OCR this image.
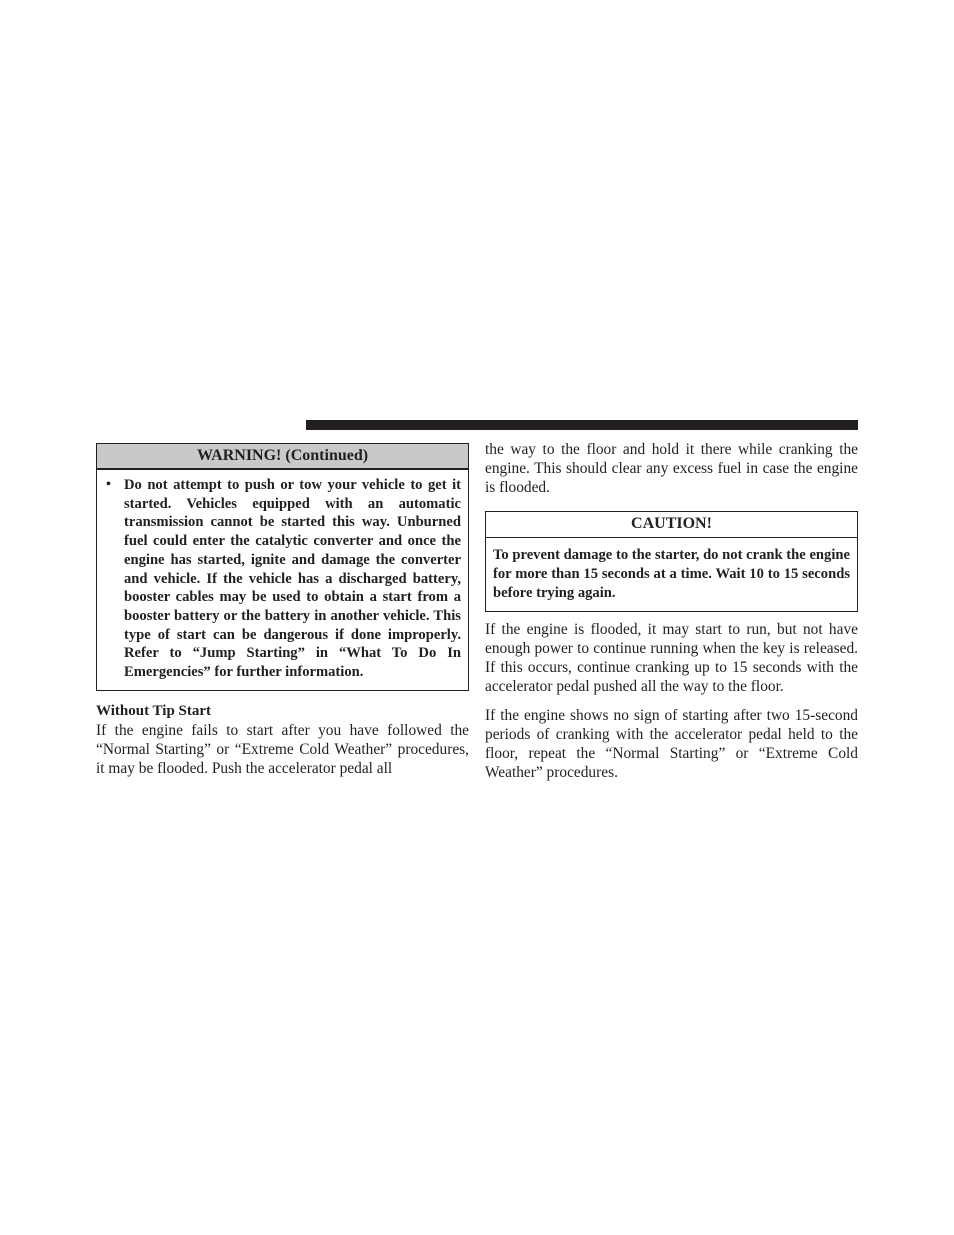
WARNING! (Continued)
• Do not attempt to push or tow your vehicle to get it started. Vehicles equipped with an automatic transmission cannot be started this way. Unburned fuel could enter the catalytic converter and once the engine has started, ignite and damage the converter and vehicle. If the vehicle has a discharged battery, booster cables may be used to obtain a start from a booster battery or the battery in another vehicle. This type of start can be dangerous if done improperly. Refer to “Jump Starting” in “What To Do In Emergencies” for further information.
Without Tip Start

If the engine fails to start after you have followed the “Normal Starting” or “Extreme Cold Weather” procedures, it may be flooded. Push the accelerator pedal all

the way to the floor and hold it there while cranking the engine. This should clear any excess fuel in case the engine is flooded.

CAUTION!
To prevent damage to the starter, do not crank the engine for more than 15 seconds at a time. Wait 10 to 15 seconds before trying again.

If the engine is flooded, it may start to run, but not have enough power to continue running when the key is released. If this occurs, continue cranking up to 15 seconds with the accelerator pedal pushed all the way to the floor.

If the engine shows no sign of starting after two 15-second periods of cranking with the accelerator pedal held to the floor, repeat the “Normal Starting” or “Extreme Cold Weather” procedures.
